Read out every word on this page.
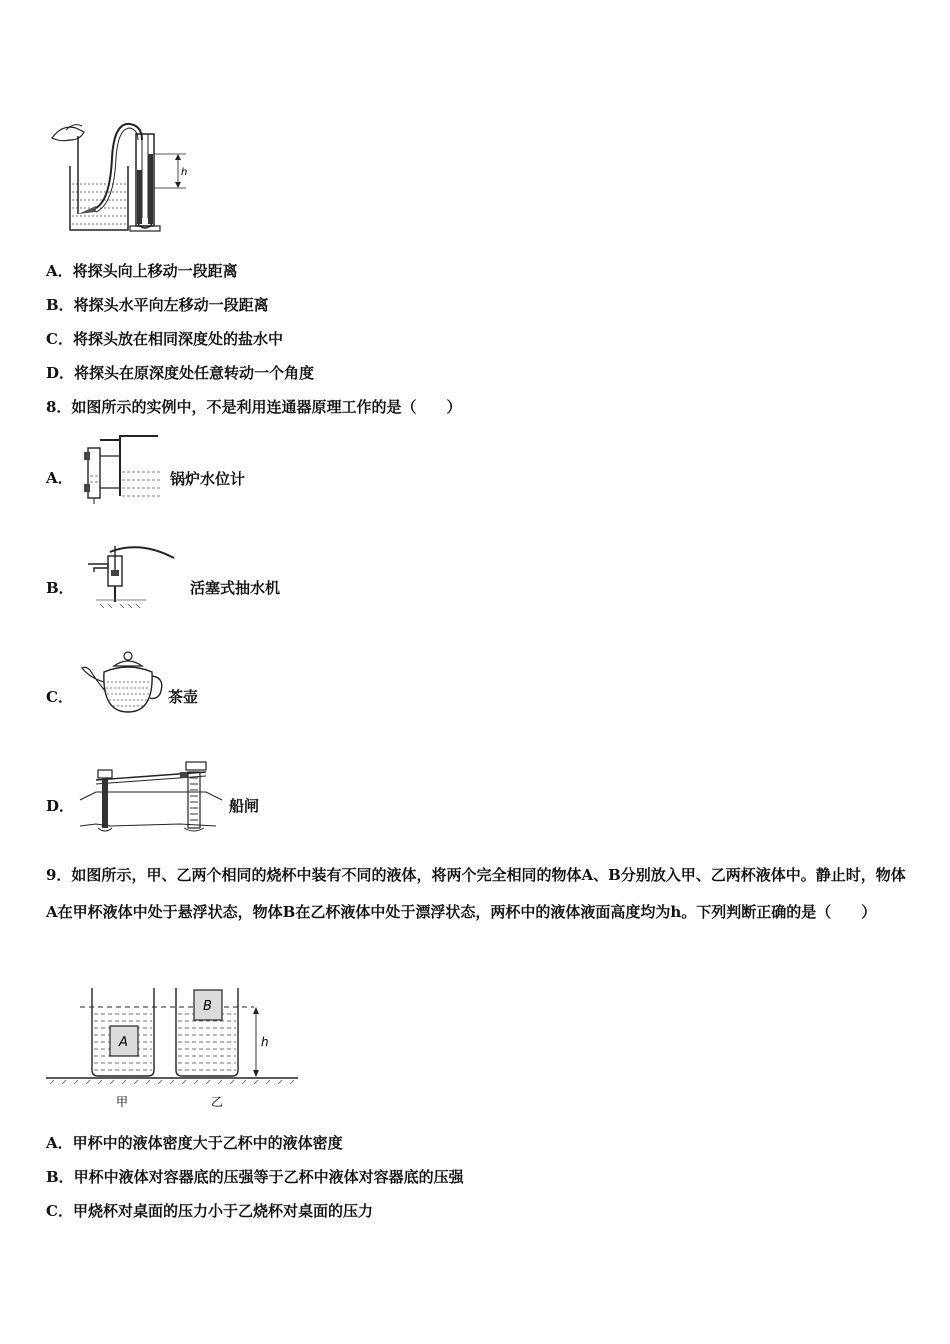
h
A．将探头向上移动一段距离
B．将探头水平向左移动一段距离
C．将探头放在相同深度处的盐水中
D．将探头在原深度处任意转动一个角度
8．如图所示的实例中，不是利用连通器原理工作的是（　　）
A．	锅炉水位计
B．	活塞式抽水机
C．	茶壶
D．	船闸
9．如图所示，甲、乙两个相同的烧杯中装有不同的液体，将两个完全相同的物体A、B分别放入甲、乙两杯液体中。静止时，物体A在甲杯液体中处于悬浮状态，物体B在乙杯液体中处于漂浮状态，两杯中的液体液面高度均为h。下列判断正确的是（　　）
A
B
h
甲	乙
A．甲杯中的液体密度大于乙杯中的液体密度
B．甲杯中液体对容器底的压强等于乙杯中液体对容器底的压强
C．甲烧杯对桌面的压力小于乙烧杯对桌面的压力
